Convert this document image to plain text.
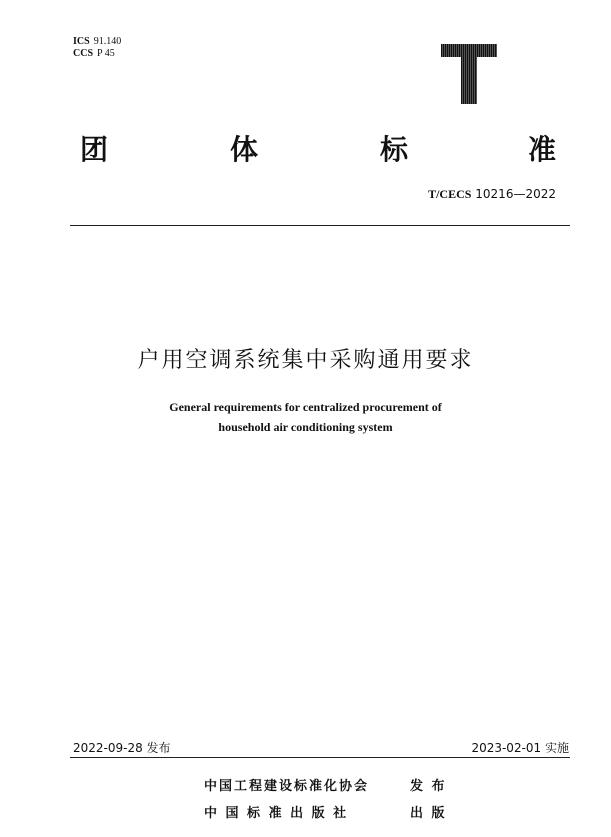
ICS 91.140
CCS P 45
团	体	标	准
T/CECS 10216—2022
户用空调系统集中采购通用要求
General requirements for centralized procurement of
household air conditioning system
2022-09-28 发布	2023-02-01 实施
中国工程建设标准化协会	发 布
中 国 标 准 出 版 社	出 版
